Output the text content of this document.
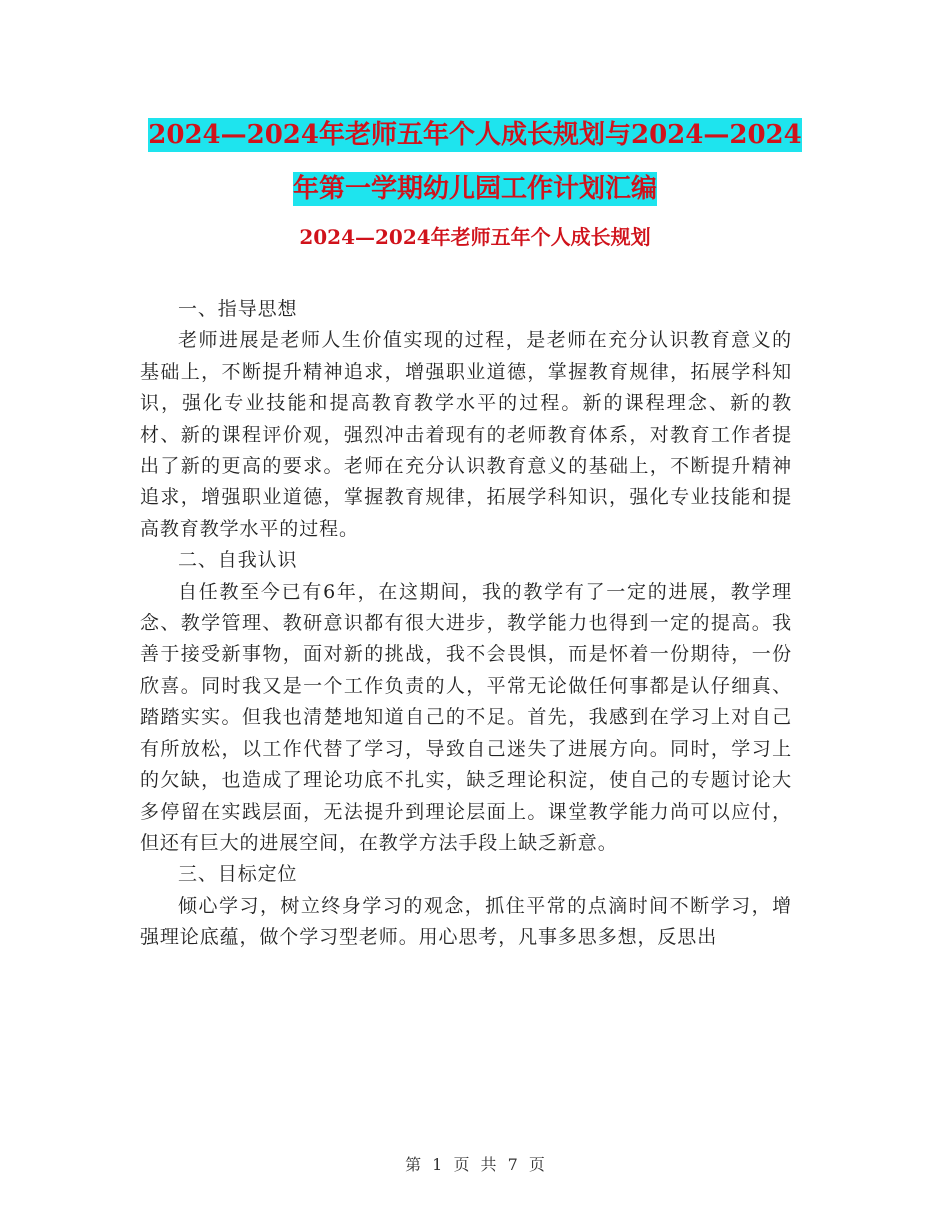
2024—2024年老师五年个人成长规划与2024—2024年第一学期幼儿园工作计划汇编
2024—2024年老师五年个人成长规划

一、指导思想

老师进展是老师人生价值实现的过程，是老师在充分认识教育意义的基础上，不断提升精神追求，增强职业道德，掌握教育规律，拓展学科知识，强化专业技能和提高教育教学水平的过程。新的课程理念、新的教材、新的课程评价观，强烈冲击着现有的老师教育体系，对教育工作者提出了新的更高的要求。老师在充分认识教育意义的基础上，不断提升精神追求，增强职业道德，掌握教育规律，拓展学科知识，强化专业技能和提高教育教学水平的过程。

二、自我认识

自任教至今已有6年，在这期间，我的教学有了一定的进展，教学理念、教学管理、教研意识都有很大进步，教学能力也得到一定的提高。我善于接受新事物，面对新的挑战，我不会畏惧，而是怀着一份期待，一份欣喜。同时我又是一个工作负责的人，平常无论做任何事都是认仔细真、踏踏实实。但我也清楚地知道自己的不足。首先，我感到在学习上对自己有所放松，以工作代替了学习，导致自己迷失了进展方向。同时，学习上的欠缺，也造成了理论功底不扎实，缺乏理论积淀，使自己的专题讨论大多停留在实践层面，无法提升到理论层面上。课堂教学能力尚可以应付，但还有巨大的进展空间，在教学方法手段上缺乏新意。

三、目标定位

倾心学习，树立终身学习的观念，抓住平常的点滴时间不断学习，增强理论底蕴，做个学习型老师。用心思考，凡事多思多想，反思出

第 1 页 共 7 页
